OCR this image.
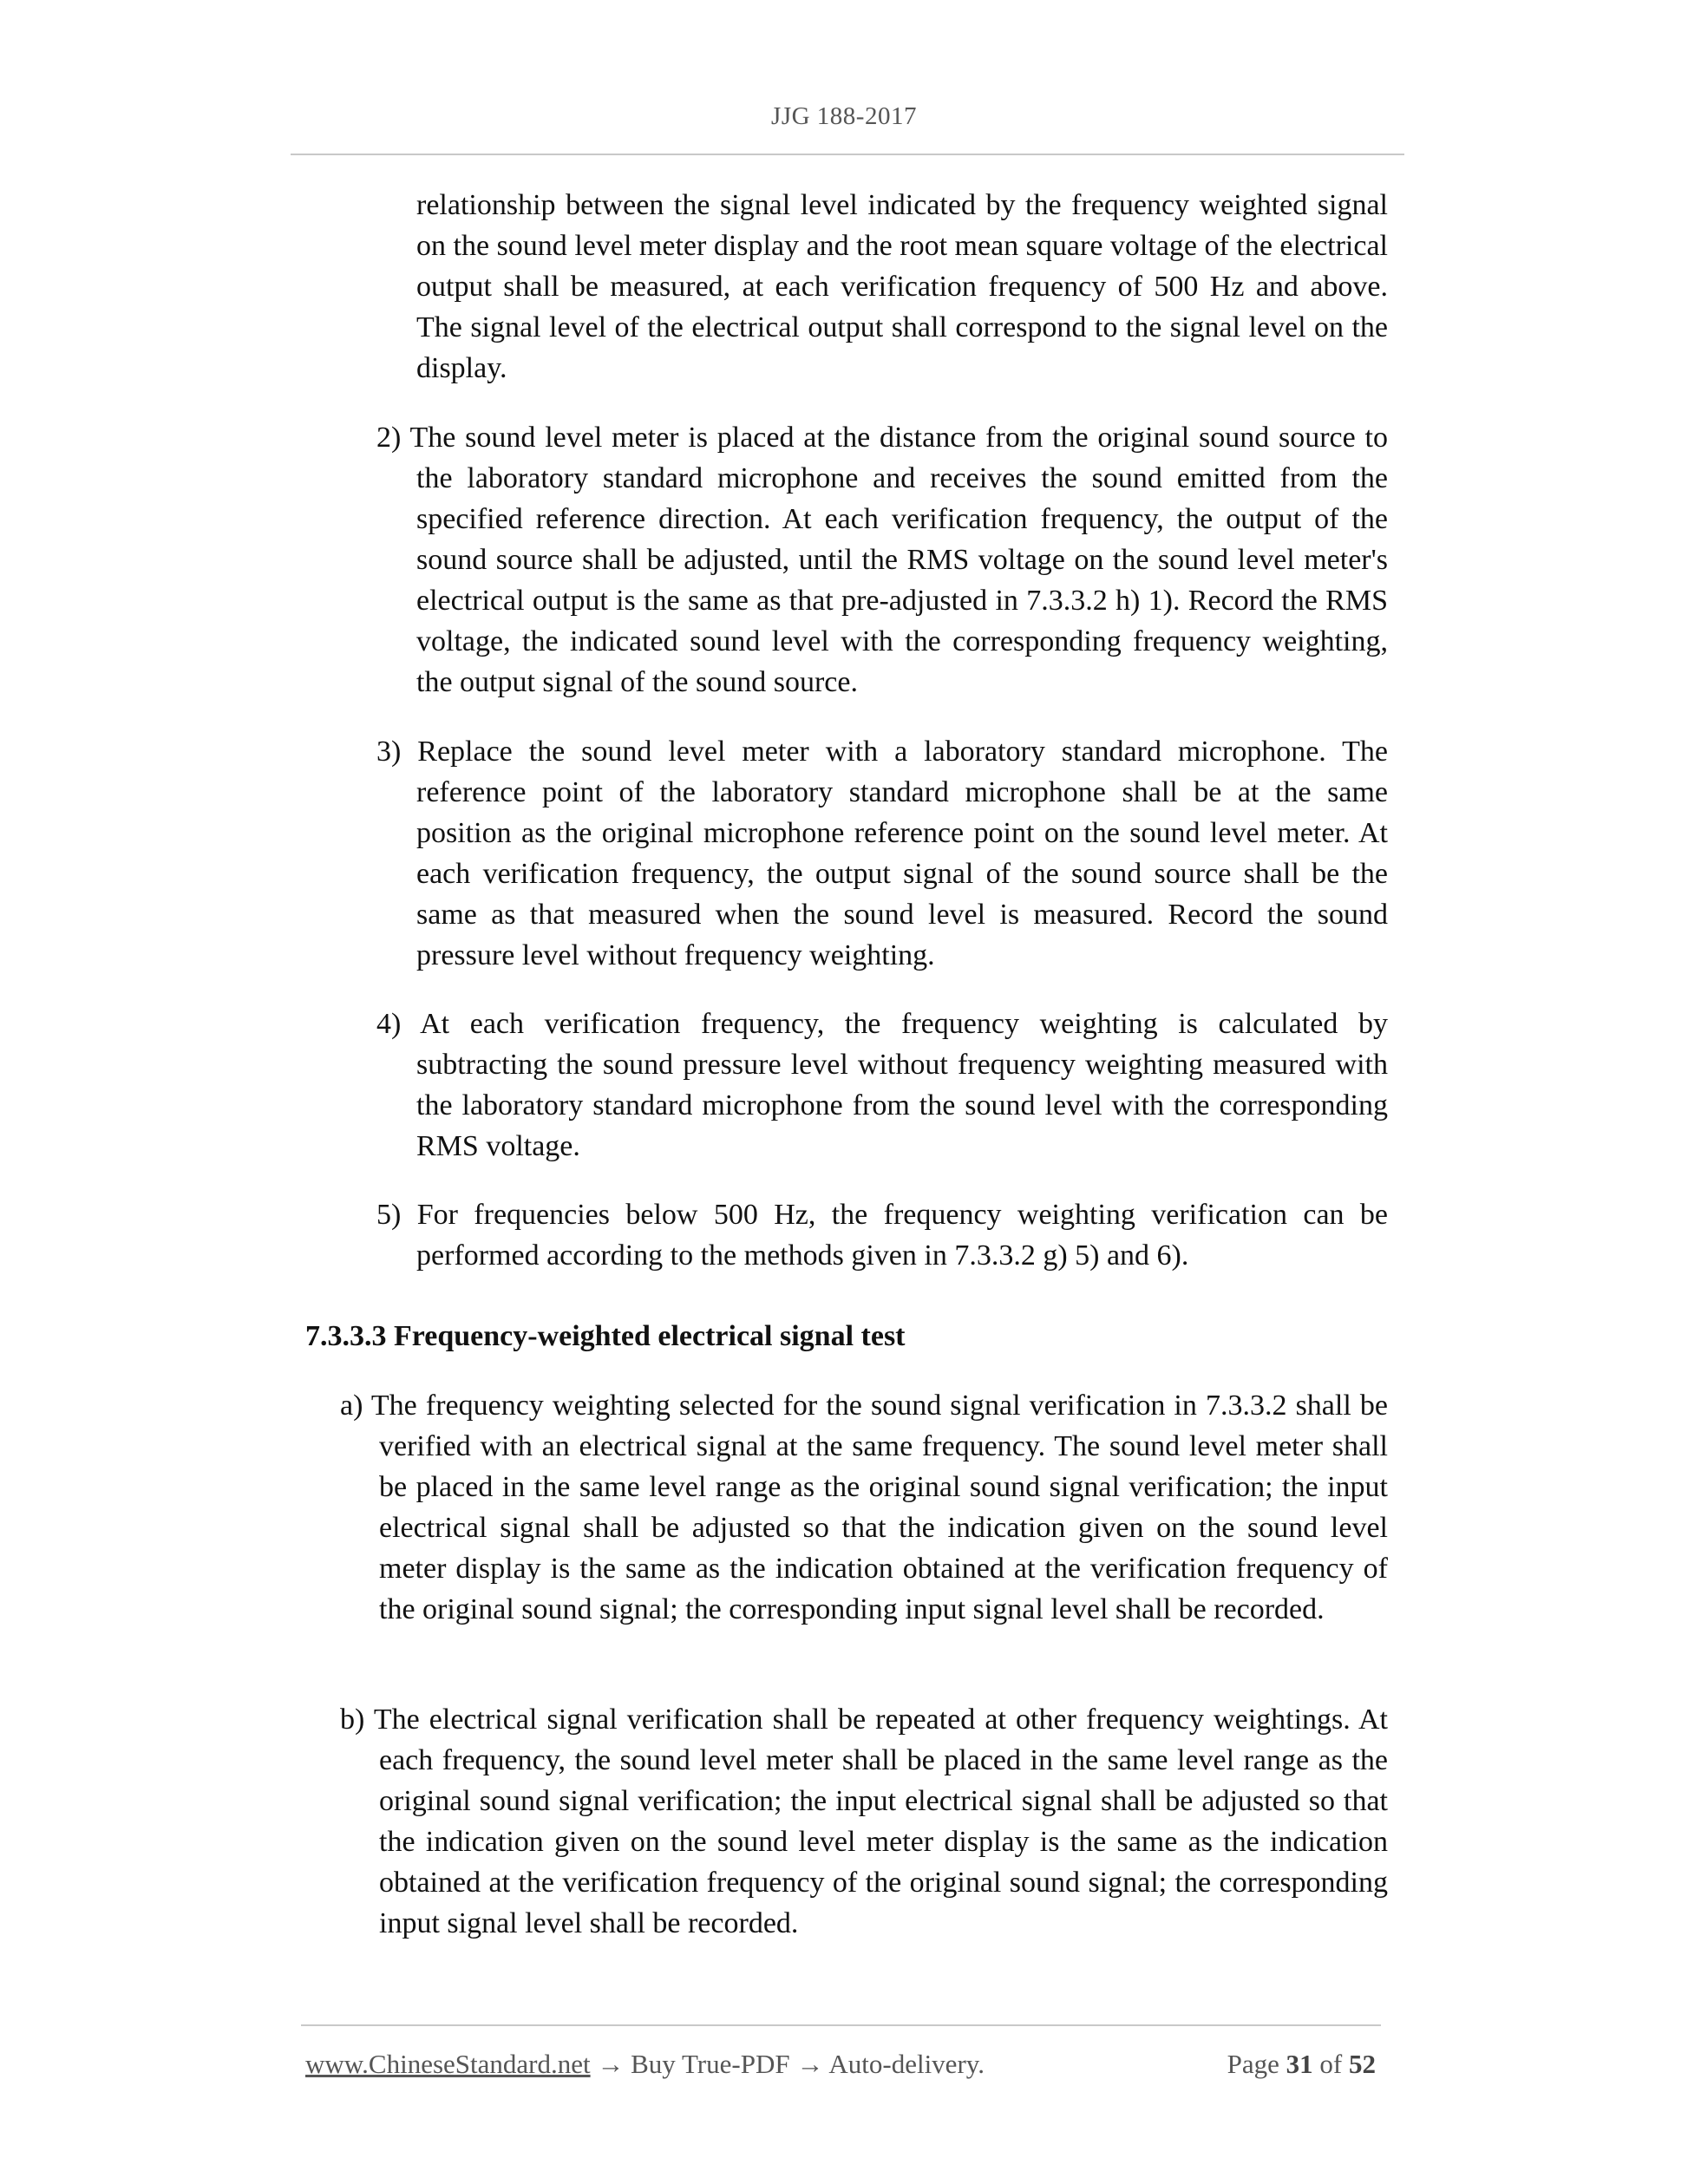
JJG 188-2017

relationship between the signal level indicated by the frequency weighted signal on the sound level meter display and the root mean square voltage of the electrical output shall be measured, at each verification frequency of 500 Hz and above. The signal level of the electrical output shall correspond to the signal level on the display.

2) The sound level meter is placed at the distance from the original sound source to the laboratory standard microphone and receives the sound emitted from the specified reference direction. At each verification frequency, the output of the sound source shall be adjusted, until the RMS voltage on the sound level meter's electrical output is the same as that pre-adjusted in 7.3.3.2 h) 1). Record the RMS voltage, the indicated sound level with the corresponding frequency weighting, the output signal of the sound source.

3) Replace the sound level meter with a laboratory standard microphone. The reference point of the laboratory standard microphone shall be at the same position as the original microphone reference point on the sound level meter. At each verification frequency, the output signal of the sound source shall be the same as that measured when the sound level is measured. Record the sound pressure level without frequency weighting.

4) At each verification frequency, the frequency weighting is calculated by subtracting the sound pressure level without frequency weighting measured with the laboratory standard microphone from the sound level with the corresponding RMS voltage.

5) For frequencies below 500 Hz, the frequency weighting verification can be performed according to the methods given in 7.3.3.2 g) 5) and 6).

7.3.3.3 Frequency-weighted electrical signal test

a) The frequency weighting selected for the sound signal verification in 7.3.3.2 shall be verified with an electrical signal at the same frequency. The sound level meter shall be placed in the same level range as the original sound signal verification; the input electrical signal shall be adjusted so that the indication given on the sound level meter display is the same as the indication obtained at the verification frequency of the original sound signal; the corresponding input signal level shall be recorded.

b) The electrical signal verification shall be repeated at other frequency weightings. At each frequency, the sound level meter shall be placed in the same level range as the original sound signal verification; the input electrical signal shall be adjusted so that the indication given on the sound level meter display is the same as the indication obtained at the verification frequency of the original sound signal; the corresponding input signal level shall be recorded.

www.ChineseStandard.net → Buy True-PDF → Auto-delivery.	Page 31 of 52
